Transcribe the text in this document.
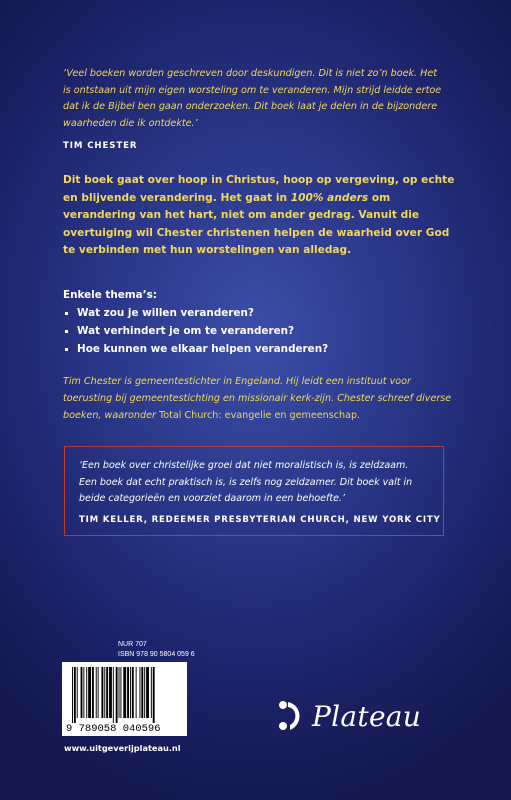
‘Veel boeken worden geschreven door deskundigen. Dit is niet zo’n boek. Het
is ontstaan uit mijn eigen worsteling om te veranderen. Mijn strijd leidde ertoe
dat ik de Bijbel ben gaan onderzoeken. Dit boek laat je delen in de bijzondere
waarheden die ik ontdekte.’
TIM CHESTER
Dit boek gaat over hoop in Christus, hoop op vergeving, op echte en blijvende verandering. Het gaat in 100% anders om verandering van het hart, niet om ander gedrag. Vanuit die overtuiging wil Chester christenen helpen de waarheid over God te verbinden met hun worstelingen van alledag.
Enkele thema’s:
Wat zou je willen veranderen?
Wat verhindert je om te veranderen?
Hoe kunnen we elkaar helpen veranderen?
Tim Chester is gemeentestichter in Engeland. Hij leidt een instituut voor toerusting bij gemeentestichting en missionair kerk-zijn. Chester schreef diverse boeken, waaronder Total Church: evangelie en gemeenschap.
‘Een boek over christelijke groei dat niet moralistisch is, is zeldzaam.
Een boek dat echt praktisch is, is zelfs nog zeldzamer. Dit boek valt in
beide categorieën en voorziet daarom in een behoefte.’
TIM KELLER, REDEEMER PRESBYTERIAN CHURCH, NEW YORK CITY
NUR 707
ISBN 978 90 5804 059 6
9 789058 040596
www.uitgeverijplateau.nl
Plateau
